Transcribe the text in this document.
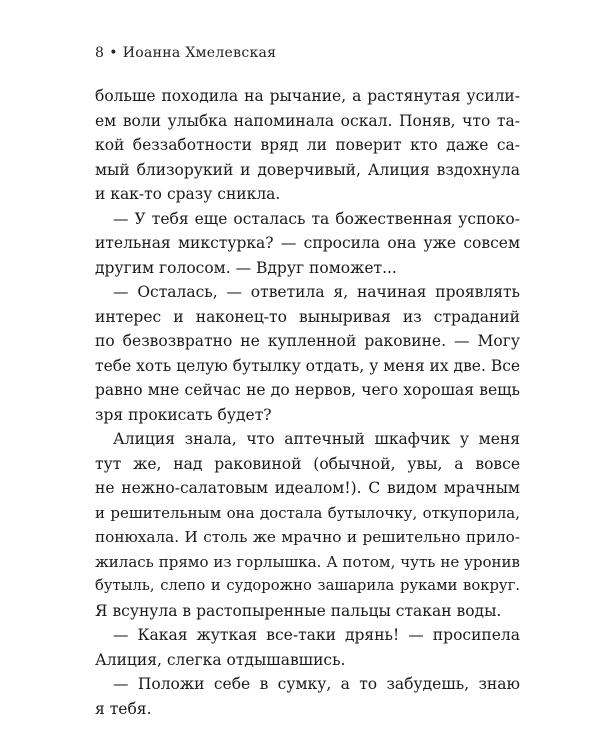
8 • Иоанна Хмелевская
больше походила на рычание, а растянутая усили-
ем воли улыбка напоминала оскал. Поняв, что та-
кой беззаботности вряд ли поверит кто даже са-
мый близорукий и доверчивый, Алиция вздохнула
и как-то сразу сникла.
— У тебя еще осталась та божественная успоко-
ительная микстурка? — спросила она уже совсем
другим голосом. — Вдруг поможет...
— Осталась, — ответила я, начиная проявлять
интерес и наконец-то выныривая из страданий
по безвозвратно не купленной раковине. — Могу
тебе хоть целую бутылку отдать, у меня их две. Все
равно мне сейчас не до нервов, чего хорошая вещь
зря прокисать будет?
Алиция знала, что аптечный шкафчик у меня
тут же, над раковиной (обычной, увы, а вовсе
не нежно-салатовым идеалом!). С видом мрачным
и решительным она достала бутылочку, откупорила,
понюхала. И столь же мрачно и решительно прило-
жилась прямо из горлышка. А потом, чуть не уронив
бутыль, слепо и судорожно зашарила руками вокруг.
Я всунула в растопыренные пальцы стакан воды.
— Какая жуткая все-таки дрянь! — просипела
Алиция, слегка отдышавшись.
— Положи себе в сумку, а то забудешь, знаю
я тебя.
